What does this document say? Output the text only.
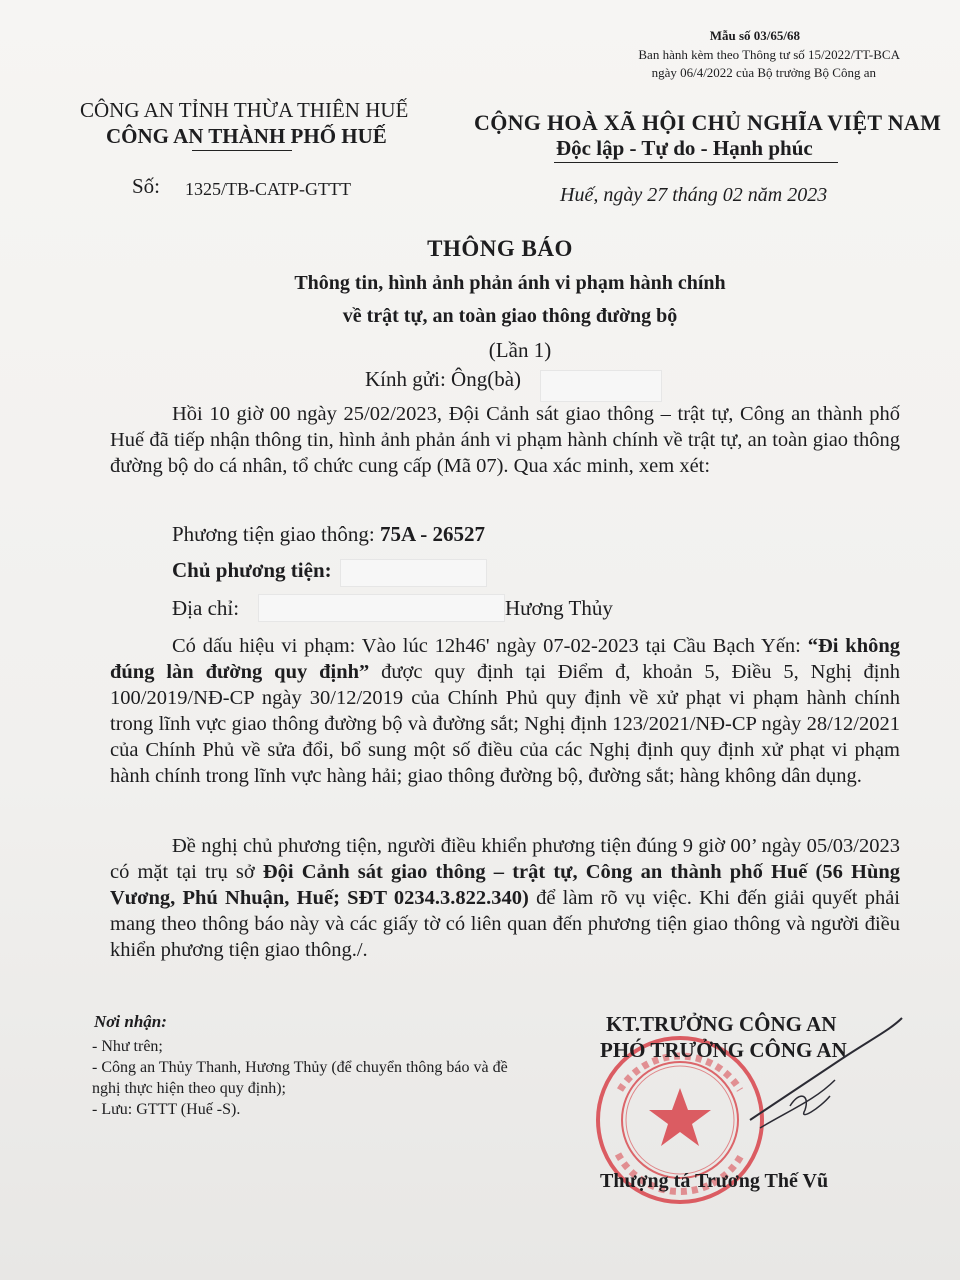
Mẫu số 03/65/68
Ban hành kèm theo Thông tư số 15/2022/TT-BCA
ngày 06/4/2022 của Bộ trưởng Bộ Công an
CÔNG AN TỈNH THỪA THIÊN HUẾ
CÔNG AN THÀNH PHỐ HUẾ
CỘNG HOÀ XÃ HỘI CHỦ NGHĨA VIỆT NAM
Độc lập - Tự do - Hạnh phúc
Số: 1325/TB-CATP-GTTT	Huế, ngày 27 tháng 02 năm 2023
THÔNG BÁO
Thông tin, hình ảnh phản ánh vi phạm hành chính
về trật tự, an toàn giao thông đường bộ
(Lần 1)
Kính gửi: Ông(bà)

Hồi 10 giờ 00 ngày 25/02/2023, Đội Cảnh sát giao thông – trật tự, Công an thành phố Huế đã tiếp nhận thông tin, hình ảnh phản ánh vi phạm hành chính về trật tự, an toàn giao thông đường bộ do cá nhân, tổ chức cung cấp (Mã 07). Qua xác minh, xem xét:

Phương tiện giao thông: 75A - 26527
Chủ phương tiện:
Địa chỉ:	Hương Thủy

Có dấu hiệu vi phạm: Vào lúc 12h46' ngày 07-02-2023 tại Cầu Bạch Yến: “Đi không đúng làn đường quy định” được quy định tại Điểm đ, khoản 5, Điều 5, Nghị định 100/2019/NĐ-CP ngày 30/12/2019 của Chính Phủ quy định về xử phạt vi phạm hành chính trong lĩnh vực giao thông đường bộ và đường sắt; Nghị định 123/2021/NĐ-CP ngày 28/12/2021 của Chính Phủ về sửa đổi, bổ sung một số điều của các Nghị định quy định xử phạt vi phạm hành chính trong lĩnh vực hàng hải; giao thông đường bộ, đường sắt; hàng không dân dụng.

Đề nghị chủ phương tiện, người điều khiển phương tiện đúng 9 giờ 00’ ngày 05/03/2023 có mặt tại trụ sở Đội Cảnh sát giao thông – trật tự, Công an thành phố Huế (56 Hùng Vương, Phú Nhuận, Huế; SĐT 0234.3.822.340) để làm rõ vụ việc. Khi đến giải quyết phải mang theo thông báo này và các giấy tờ có liên quan đến phương tiện giao thông và người điều khiển phương tiện giao thông./.

Nơi nhận:

- Như trên;

- Công an Thủy Thanh, Hương Thủy (để chuyển thông báo và đề nghị thực hiện theo quy định);

- Lưu: GTTT (Huế -S).

KT.TRƯỞNG CÔNG AN
PHÓ TRƯỞNG CÔNG AN
Thượng tá Trương Thế Vũ
